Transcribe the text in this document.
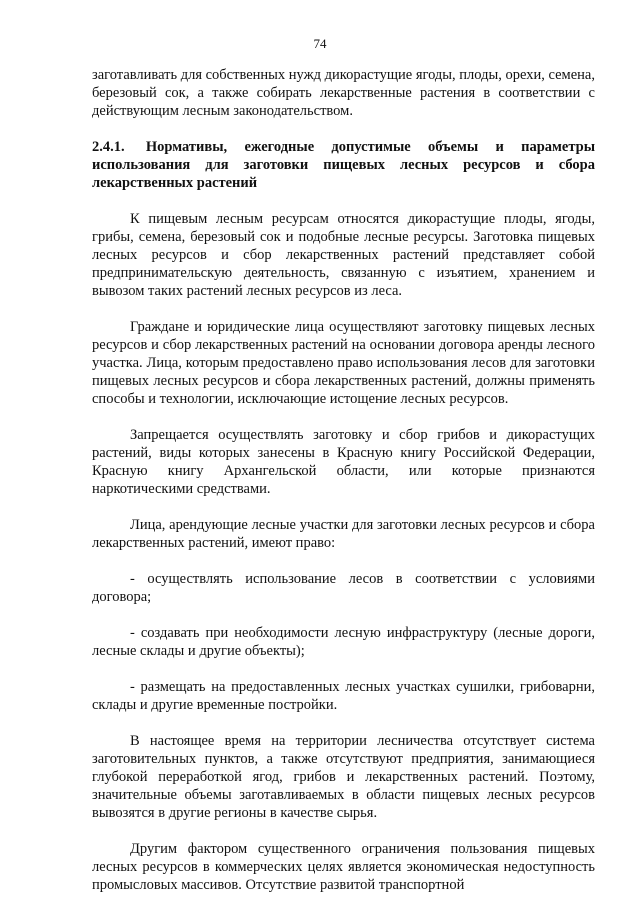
74

заготавливать для собственных нужд дикорастущие ягоды, плоды, орехи, семена, березовый сок, а также собирать лекарственные растения в соответствии с действующим лесным законодательством.

2.4.1. Нормативы, ежегодные допустимые объемы и параметры использования для заготовки пищевых лесных ресурсов и сбора лекарственных растений

К пищевым лесным ресурсам относятся дикорастущие плоды, ягоды, грибы, семена, березовый сок и подобные лесные ресурсы. Заготовка пищевых лесных ресурсов и сбор лекарственных растений представляет собой предпринимательскую деятельность, связанную с изъятием, хранением и вывозом таких растений лесных ресурсов из леса.

Граждане и юридические лица осуществляют заготовку пищевых лесных ресурсов и сбор лекарственных растений на основании договора аренды лесного участка. Лица, которым предоставлено право использования лесов для заготовки пищевых лесных ресурсов и сбора лекарственных растений, должны применять способы и технологии, исключающие истощение лесных ресурсов.

Запрещается осуществлять заготовку и сбор грибов и дикорастущих растений, виды которых занесены в Красную книгу Российской Федерации, Красную книгу Архангельской области, или которые признаются наркотическими средствами.

Лица, арендующие лесные участки для заготовки лесных ресурсов и сбора лекарственных растений, имеют право:

- осуществлять использование лесов в соответствии с условиями договора;

- создавать при необходимости лесную инфраструктуру (лесные дороги, лесные склады и другие объекты);

- размещать на предоставленных лесных участках сушилки, грибоварни, склады и другие временные постройки.

В настоящее время на территории лесничества отсутствует система заготовительных пунктов, а также отсутствуют предприятия, занимающиеся глубокой переработкой ягод, грибов и лекарственных растений. Поэтому, значительные объемы заготавливаемых в области пищевых лесных ресурсов вывозятся в другие регионы в качестве сырья.

Другим фактором существенного ограничения пользования пищевых лесных ресурсов в коммерческих целях является экономическая недоступность промысловых массивов. Отсутствие развитой транспортной
